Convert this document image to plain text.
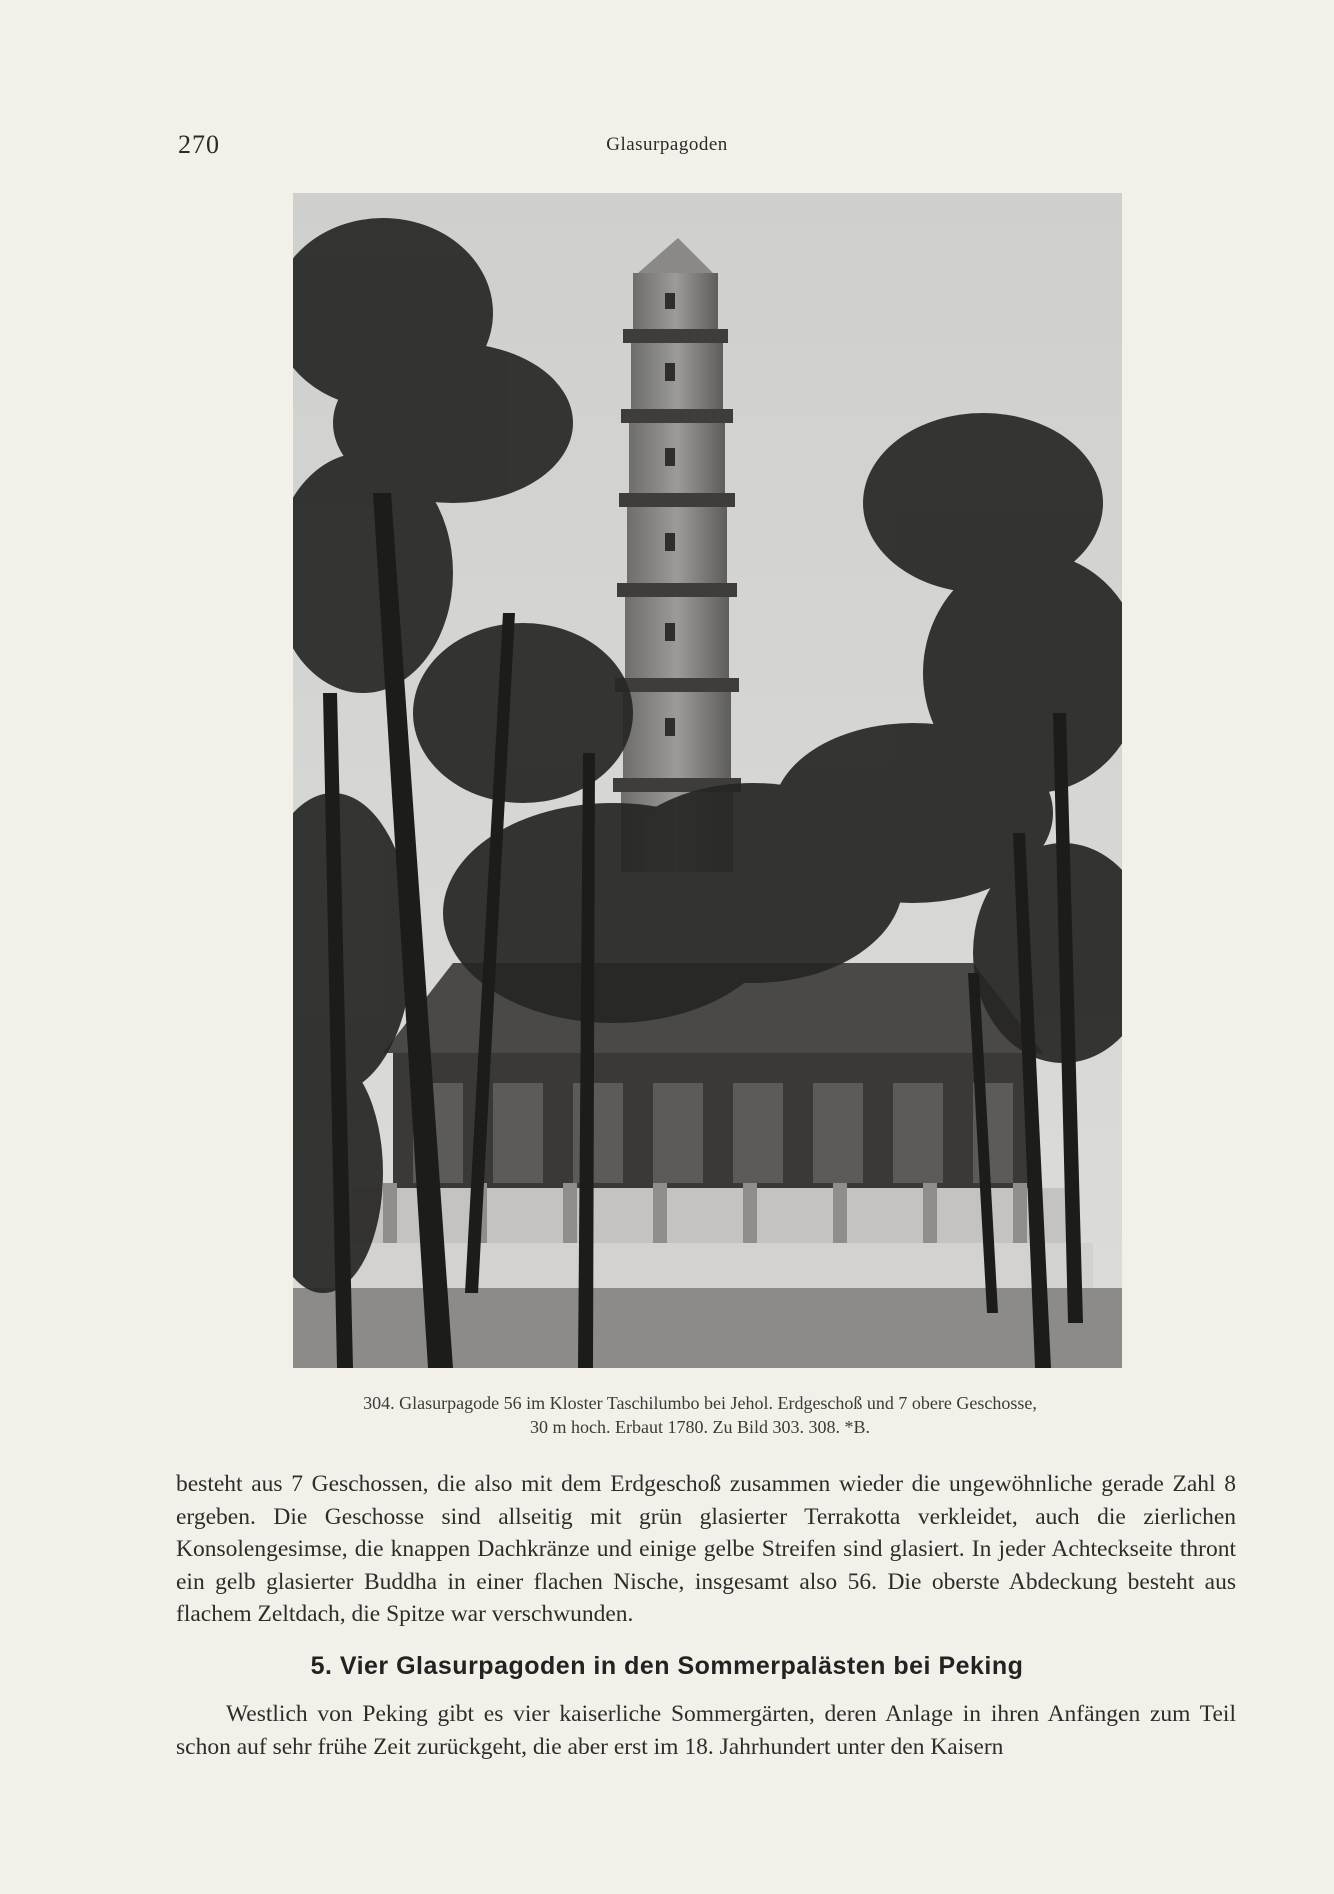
270	Glasurpagoden

304. Glasurpagode 56 im Kloster Taschilumbo bei Jehol. Erdgeschoß und 7 obere Geschosse,

30 m hoch. Erbaut 1780. Zu Bild 303. 308. *B.

besteht aus 7 Geschossen, die also mit dem Erdgeschoß zusammen wieder die ungewöhnliche gerade Zahl 8 ergeben. Die Geschosse sind allseitig mit grün glasierter Terrakotta verkleidet, auch die zierlichen Konsolengesimse, die knappen Dachkränze und einige gelbe Streifen sind glasiert. In jeder Achteckseite thront ein gelb glasierter Buddha in einer flachen Nische, insgesamt also 56. Die oberste Abdeckung besteht aus flachem Zeltdach, die Spitze war verschwunden.

5. Vier Glasurpagoden in den Sommerpalästen bei Peking

Westlich von Peking gibt es vier kaiserliche Sommergärten, deren Anlage in ihren Anfängen zum Teil schon auf sehr frühe Zeit zurückgeht, die aber erst im 18. Jahrhundert unter den Kaisern
